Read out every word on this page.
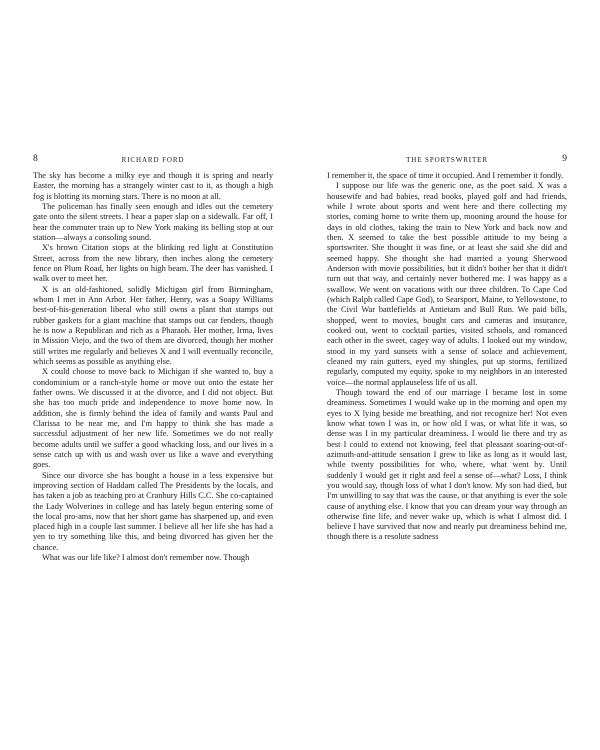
8	RICHARD FORD

The sky has become a milky eye and though it is spring and nearly Easter, the morning has a strangely winter cast to it, as though a high fog is blotting its morning stars. There is no moon at all.

The policeman has finally seen enough and idles out the cemetery gate onto the silent streets. I hear a paper slap on a sidewalk. Far off, I hear the commuter train up to New York making its belling stop at our station—always a consoling sound.

X's brown Citation stops at the blinking red light at Constitution Street, across from the new library, then inches along the cemetery fence on Plum Road, her lights on high beam. The deer has vanished. I walk over to meet her.

X is an old-fashioned, solidly Michigan girl from Birmingham, whom I met in Ann Arbor. Her father, Henry, was a Soapy Williams best-of-his-generation liberal who still owns a plant that stamps out rubber gaskets for a giant machine that stamps out car fenders, though he is now a Republican and rich as a Pharaoh. Her mother, Irma, lives in Mission Viejo, and the two of them are divorced, though her mother still writes me regularly and believes X and I will eventually reconcile, which seems as possible as anything else.

X could choose to move back to Michigan if she wanted to, buy a condominium or a ranch-style home or move out onto the estate her father owns. We discussed it at the divorce, and I did not object. But she has too much pride and independence to move home now. In addition, she is firmly behind the idea of family and wants Paul and Clarissa to be near me, and I'm happy to think she has made a successful adjustment of her new life. Sometimes we do not really become adults until we suffer a good whacking loss, and our lives in a sense catch up with us and wash over us like a wave and everything goes.

Since our divorce she has bought a house in a less expensive but improving section of Haddam called The Presidents by the locals, and has taken a job as teaching pro at Cranbury Hills C.C. She co-captained the Lady Wolverines in college and has lately begun entering some of the local pro-ams, now that her short game has sharpened up, and even placed high in a couple last summer. I believe all her life she has had a yen to try something like this, and being divorced has given her the chance.

What was our life like? I almost don't remember now. Though

THE SPORTSWRITER	9

I remember it, the space of time it occupied. And I remember it fondly.

I suppose our life was the generic one, as the poet said. X was a housewife and had babies, read books, played golf and had friends, while I wrote about sports and went here and there collecting my stories, coming home to write them up, mooning around the house for days in old clothes, taking the train to New York and back now and then. X seemed to take the best possible attitude to my being a sportswriter. She thought it was fine, or at least she said she did and seemed happy. She thought she had married a young Sherwood Anderson with movie possibilities, but it didn't bother her that it didn't turn out that way, and certainly never bothered me. I was happy as a swallow. We went on vacations with our three children. To Cape Cod (which Ralph called Cape God), to Searsport, Maine, to Yellowstone, to the Civil War battlefields at Antietam and Bull Run. We paid bills, shopped, went to movies, bought cars and cameras and insurance, cooked out, went to cocktail parties, visited schools, and romanced each other in the sweet, cagey way of adults. I looked out my window, stood in my yard sunsets with a sense of solace and achievement, cleaned my rain gutters, eyed my shingles, put up storms, fertilized regularly, computed my equity, spoke to my neighbors in an interested voice—the normal applauseless life of us all.

Though toward the end of our marriage I became lost in some dreaminess. Sometimes I would wake up in the morning and open my eyes to X lying beside me breathing, and not recognize her! Not even know what town I was in, or how old I was, or what life it was, so dense was I in my particular dreaminess. I would lie there and try as best I could to extend not knowing, feel that pleasant soaring-out-of-azimuth-and-attitude sensation I grew to like as long as it would last, while twenty possibilities for who, where, what went by. Until suddenly I would get it right and feel a sense of—what? Loss, I think you would say, though loss of what I don't know. My son had died, but I'm unwilling to say that was the cause, or that anything is ever the sole cause of anything else. I know that you can dream your way through an otherwise fine life, and never wake up, which is what I almost did. I believe I have survived that now and nearly put dreaminess behind me, though there is a resolute sadness
